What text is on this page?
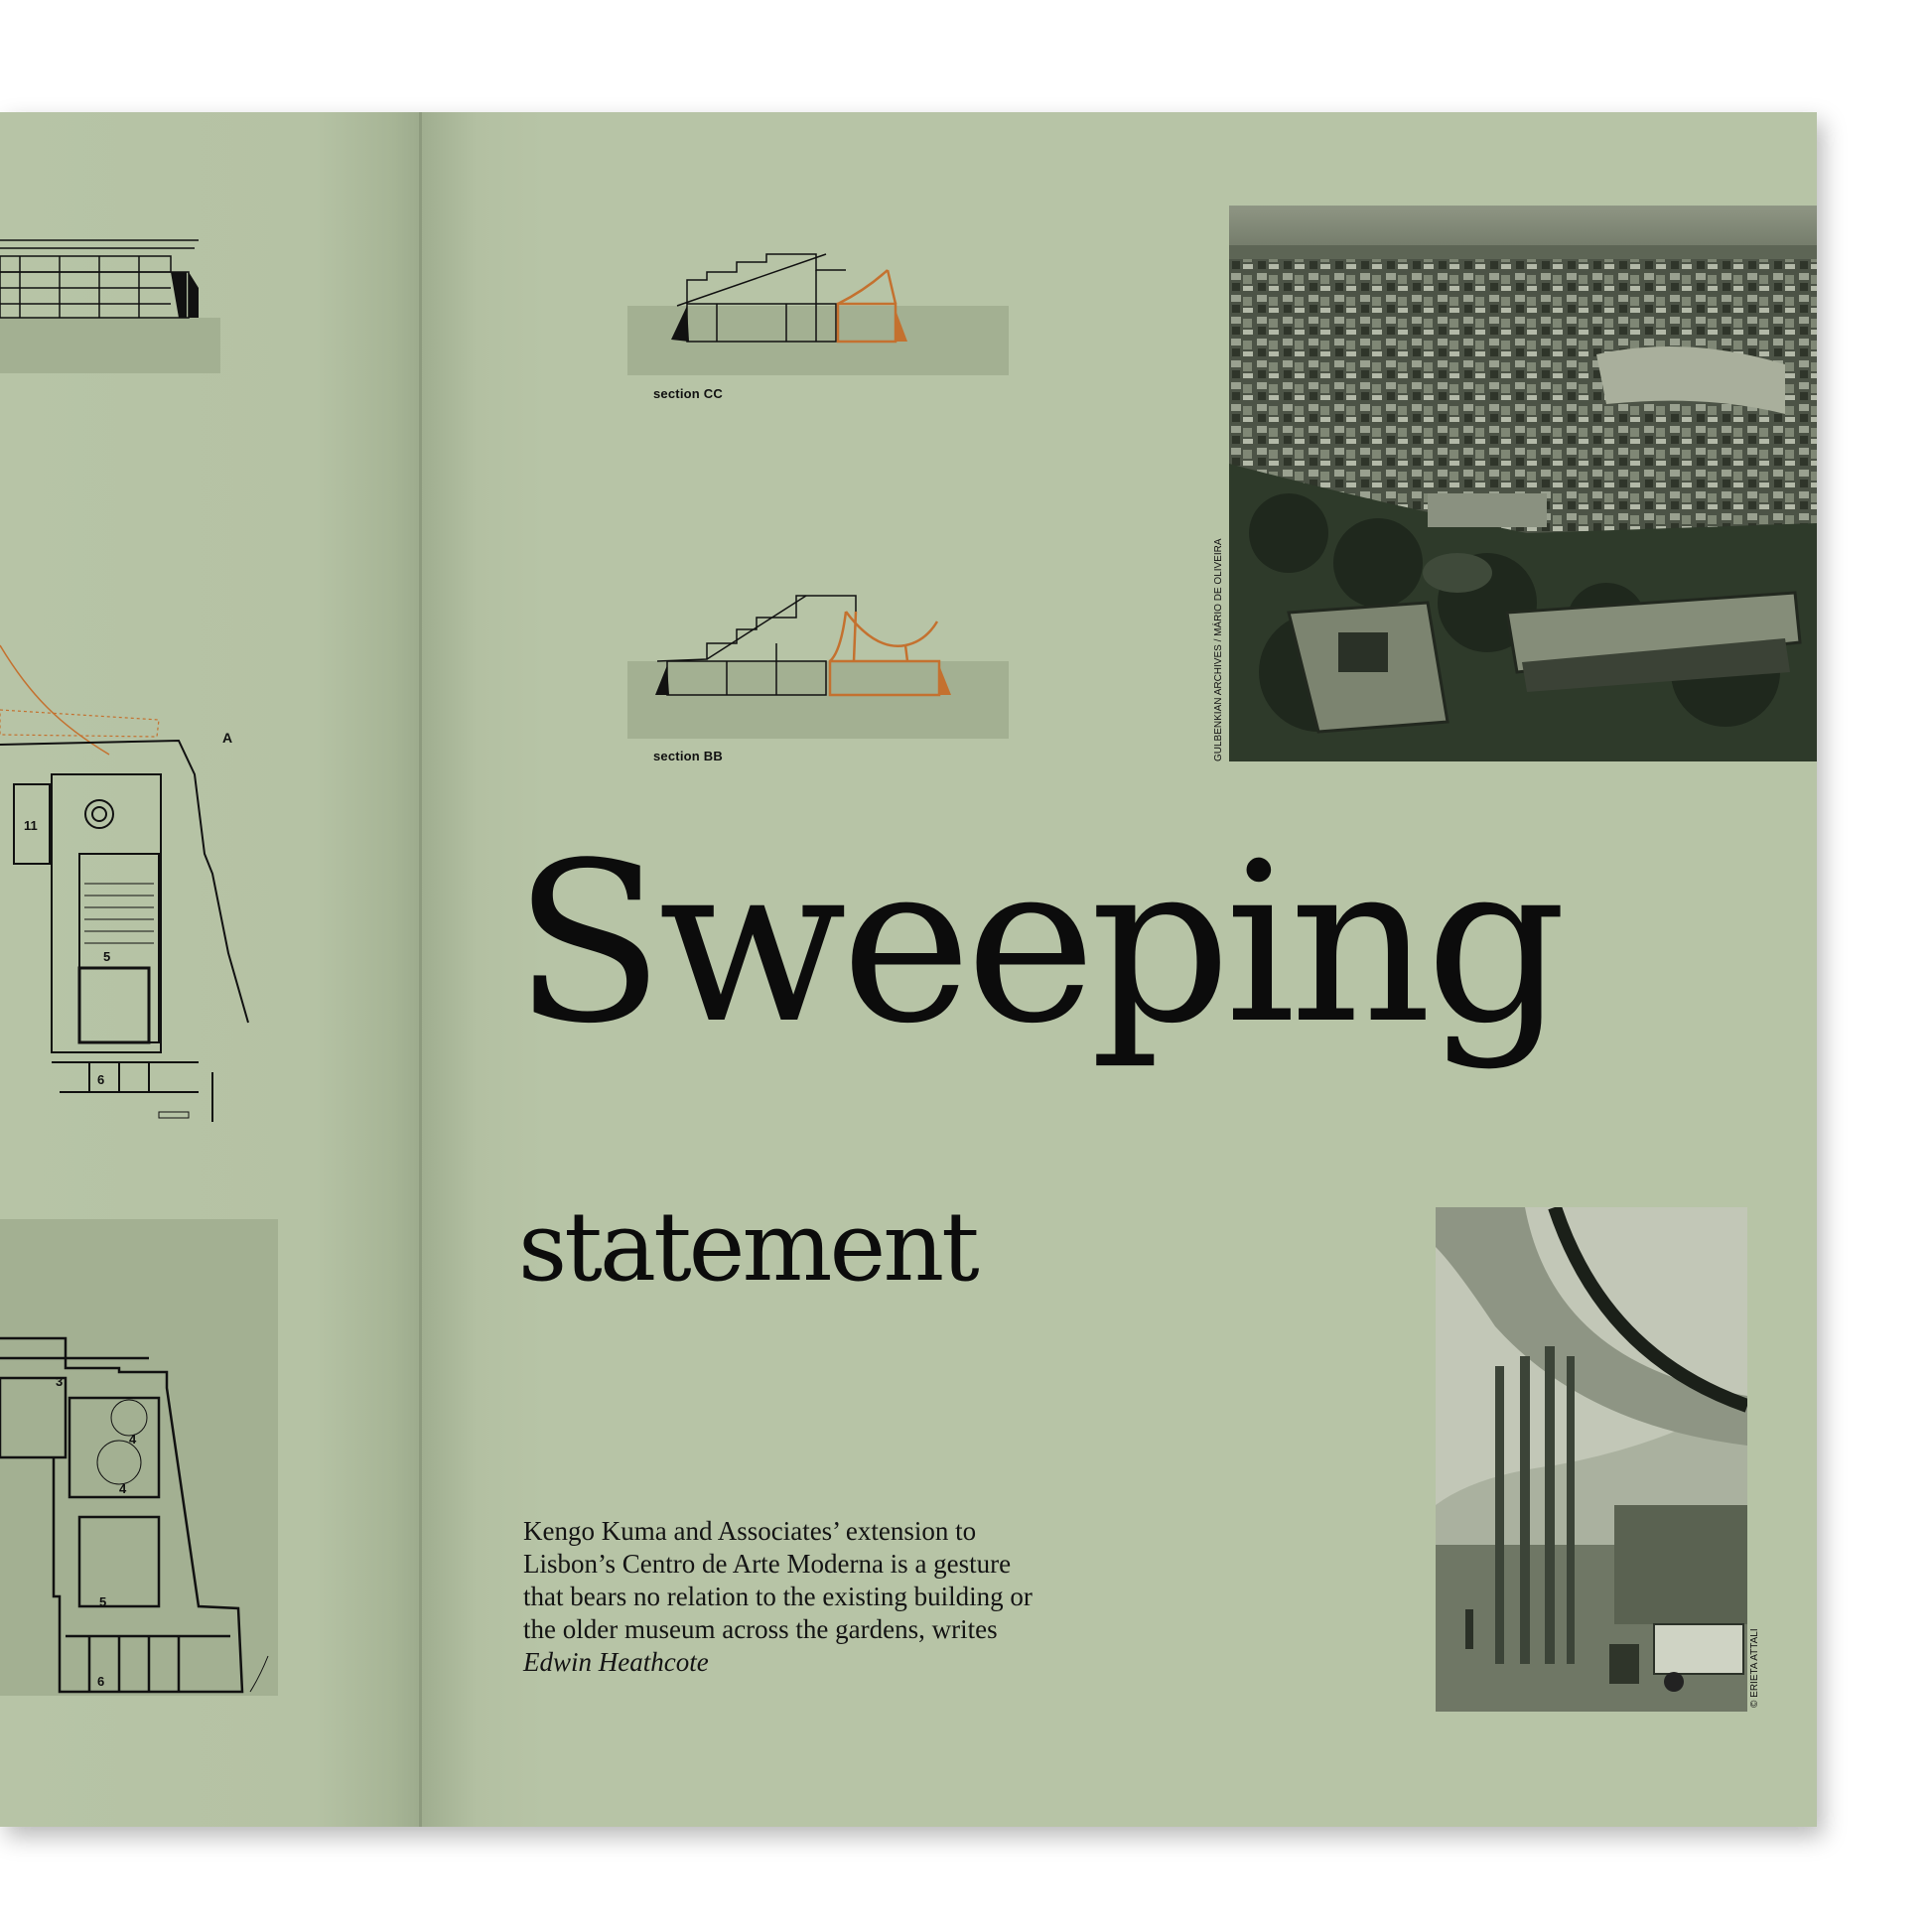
A
11
5
6
3
4
4
5
6
section CC
section BB	GULBENKIAN ARCHIVES / MÁRIO DE OLIVEIRA
Sweeping
statement
© ERIETA ATTALI

Kengo Kuma and Associates’ extension to Lisbon’s Centro de Arte Moderna is a gesture that bears no relation to the existing building or the older museum across the gardens, writes Edwin Heathcote
